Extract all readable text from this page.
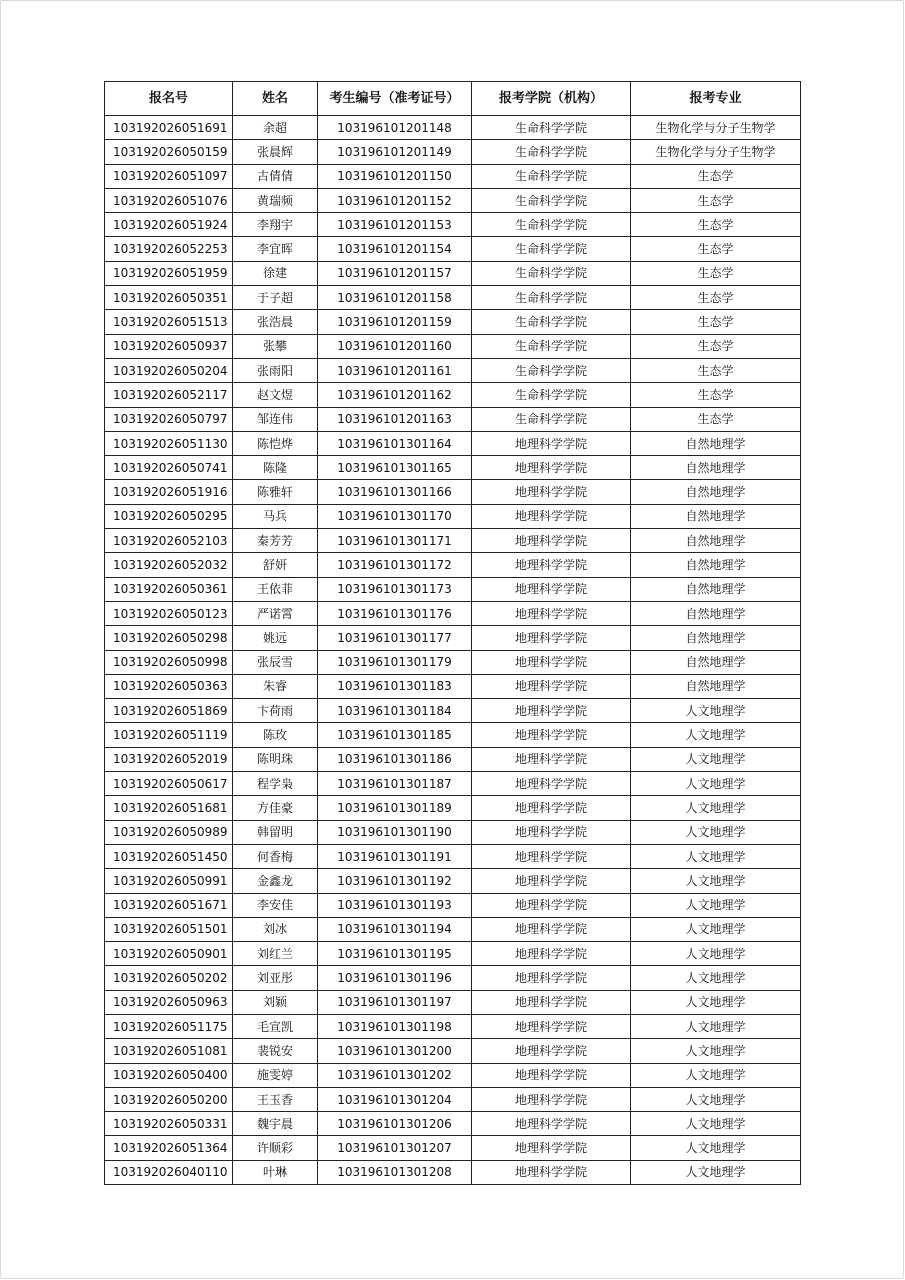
报名号	姓名	考生编号（准考证号）	报考学院（机构）	报考专业
103192026051691	余超	103196101201148	生命科学学院	生物化学与分子生物学
103192026050159	张晨辉	103196101201149	生命科学学院	生物化学与分子生物学
103192026051097	古倩倩	103196101201150	生命科学学院	生态学
103192026051076	黄瑞频	103196101201152	生命科学学院	生态学
103192026051924	李翔宇	103196101201153	生命科学学院	生态学
103192026052253	李宜晖	103196101201154	生命科学学院	生态学
103192026051959	徐建	103196101201157	生命科学学院	生态学
103192026050351	于子超	103196101201158	生命科学学院	生态学
103192026051513	张浩晨	103196101201159	生命科学学院	生态学
103192026050937	张攀	103196101201160	生命科学学院	生态学
103192026050204	张雨阳	103196101201161	生命科学学院	生态学
103192026052117	赵文煜	103196101201162	生命科学学院	生态学
103192026050797	邹连伟	103196101201163	生命科学学院	生态学
103192026051130	陈恺烨	103196101301164	地理科学学院	自然地理学
103192026050741	陈隆	103196101301165	地理科学学院	自然地理学
103192026051916	陈雅轩	103196101301166	地理科学学院	自然地理学
103192026050295	马兵	103196101301170	地理科学学院	自然地理学
103192026052103	秦芳芳	103196101301171	地理科学学院	自然地理学
103192026052032	舒妍	103196101301172	地理科学学院	自然地理学
103192026050361	王依菲	103196101301173	地理科学学院	自然地理学
103192026050123	严诺霄	103196101301176	地理科学学院	自然地理学
103192026050298	姚远	103196101301177	地理科学学院	自然地理学
103192026050998	张辰雪	103196101301179	地理科学学院	自然地理学
103192026050363	朱睿	103196101301183	地理科学学院	自然地理学
103192026051869	卞荷雨	103196101301184	地理科学学院	人文地理学
103192026051119	陈玫	103196101301185	地理科学学院	人文地理学
103192026052019	陈明珠	103196101301186	地理科学学院	人文地理学
103192026050617	程学枭	103196101301187	地理科学学院	人文地理学
103192026051681	方佳豪	103196101301189	地理科学学院	人文地理学
103192026050989	韩留明	103196101301190	地理科学学院	人文地理学
103192026051450	何香梅	103196101301191	地理科学学院	人文地理学
103192026050991	金鑫龙	103196101301192	地理科学学院	人文地理学
103192026051671	李安佳	103196101301193	地理科学学院	人文地理学
103192026051501	刘冰	103196101301194	地理科学学院	人文地理学
103192026050901	刘红兰	103196101301195	地理科学学院	人文地理学
103192026050202	刘亚彤	103196101301196	地理科学学院	人文地理学
103192026050963	刘颖	103196101301197	地理科学学院	人文地理学
103192026051175	毛宣凯	103196101301198	地理科学学院	人文地理学
103192026051081	裴锐安	103196101301200	地理科学学院	人文地理学
103192026050400	施雯婷	103196101301202	地理科学学院	人文地理学
103192026050200	王玉香	103196101301204	地理科学学院	人文地理学
103192026050331	魏宇晨	103196101301206	地理科学学院	人文地理学
103192026051364	许顺彩	103196101301207	地理科学学院	人文地理学
103192026040110	叶琳	103196101301208	地理科学学院	人文地理学
